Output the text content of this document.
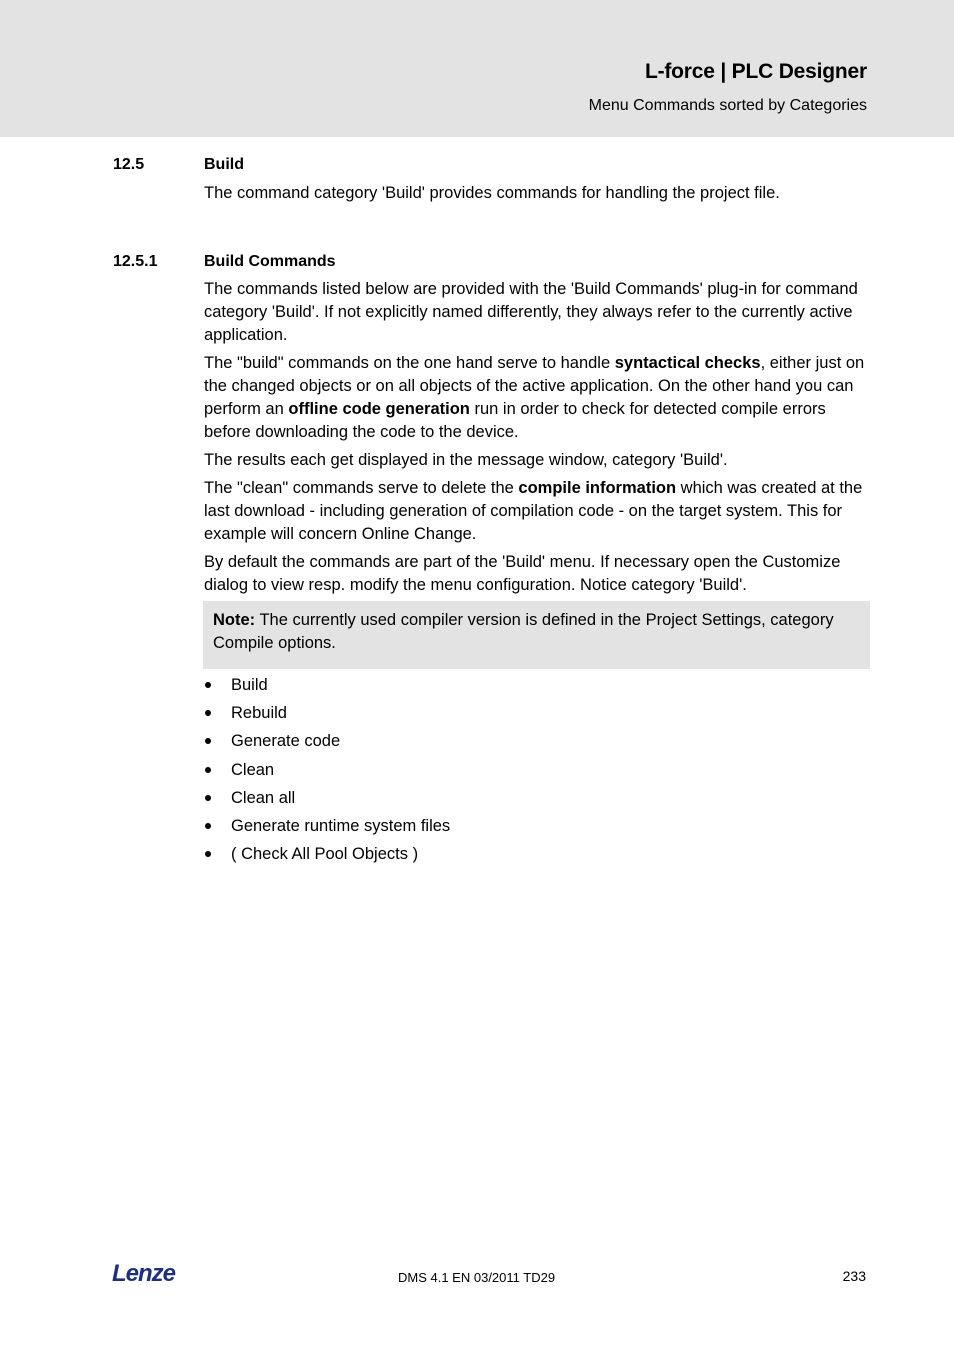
L-force | PLC Designer
Menu Commands sorted by Categories
12.5	Build

The command category 'Build' provides commands for handling the project file.

12.5.1	Build Commands

The commands listed below are provided with the 'Build Commands' plug-in for command category 'Build'. If not explicitly named differently, they always refer to the currently active application.

The "build" commands on the one hand serve to handle syntactical checks, either just on the changed objects or on all objects of the active application. On the other hand you can perform an offline code generation run in order to check for detected compile errors before downloading the code to the device.

The results each get displayed in the message window, category 'Build'.

The "clean" commands serve to delete the compile information which was created at the last download - including generation of compilation code - on the target system. This for example will concern Online Change.

By default the commands are part of the 'Build' menu. If necessary open the Customize dialog to view resp. modify the menu configuration. Notice category 'Build'.

Note: The currently used compiler version is defined in the Project Settings, category Compile options.
Build
Rebuild
Generate code
Clean
Clean all
Generate runtime system files
( Check All Pool Objects )
Lenze	DMS 4.1 EN 03/2011 TD29	233
